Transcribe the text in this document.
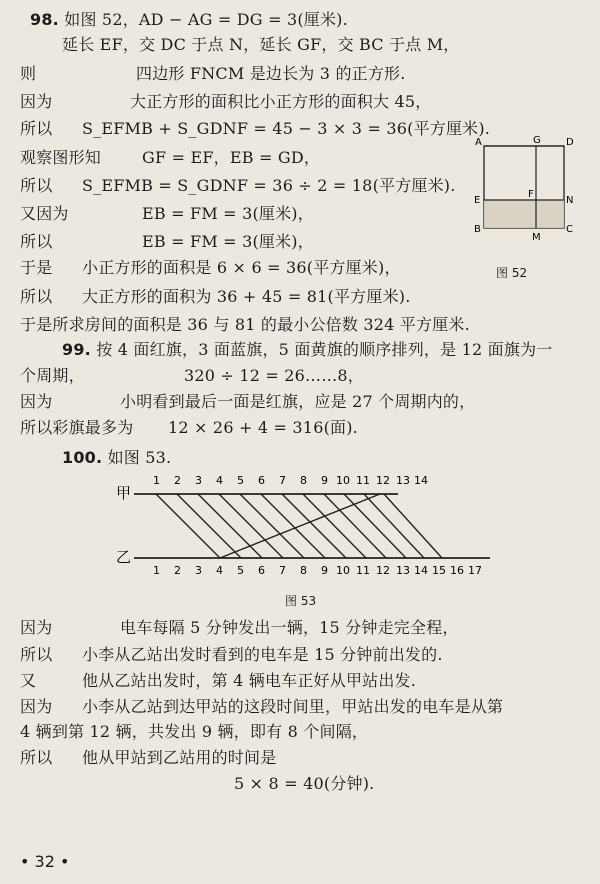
98. 如图 52，AD − AG = DG = 3(厘米).
延长 EF，交 DC 于点 N，延长 GF，交 BC 于点 M，
则	四边形 FNCM 是边长为 3 的正方形.
因为	大正方形的面积比小正方形的面积大 45，
所以 S_EFMB + S_GDNF = 45 − 3 × 3 = 36(平方厘米).
观察图形知	GF = EF，EB = GD，
所以 S_EFMB = S_GDNF = 36 ÷ 2 = 18(平方厘米).
又因为	EB = FM = 3(厘米)，
所以	EB = FM = 3(厘米)，
于是 小正方形的面积是 6 × 6 = 36(平方厘米)，
所以 大正方形的面积为 36 + 45 = 81(平方厘米).
于是所求房间的面积是 36 与 81 的最小公倍数 324 平方厘米.
A	G	D
E
F
N
B
M
C
图 52
99. 按 4 面红旗，3 面蓝旗，5 面黄旗的顺序排列，是 12 面旗为一
个周期，	320 ÷ 12 = 26……8，
因为	小明看到最后一面是红旗，应是 27 个周期内的，
所以彩旗最多为 12 × 26 + 4 = 316(面).
100. 如图 53.
甲
乙
1 2 3 4 5 6 7 8 9 10 11 12 13 14
1 2 3 4 5 6 7 8 9 10 11 12 13 14 15 16 17
图 53
因为	电车每隔 5 分钟发出一辆，15 分钟走完全程，
所以 小李从乙站出发时看到的电车是 15 分钟前出发的.
又	他从乙站出发时，第 4 辆电车正好从甲站出发.
因为 小李从乙站到达甲站的这段时间里，甲站出发的电车是从第
4 辆到第 12 辆，共发出 9 辆，即有 8 个间隔，
所以 他从甲站到乙站用的时间是
5 × 8 = 40(分钟).
• 32 •
